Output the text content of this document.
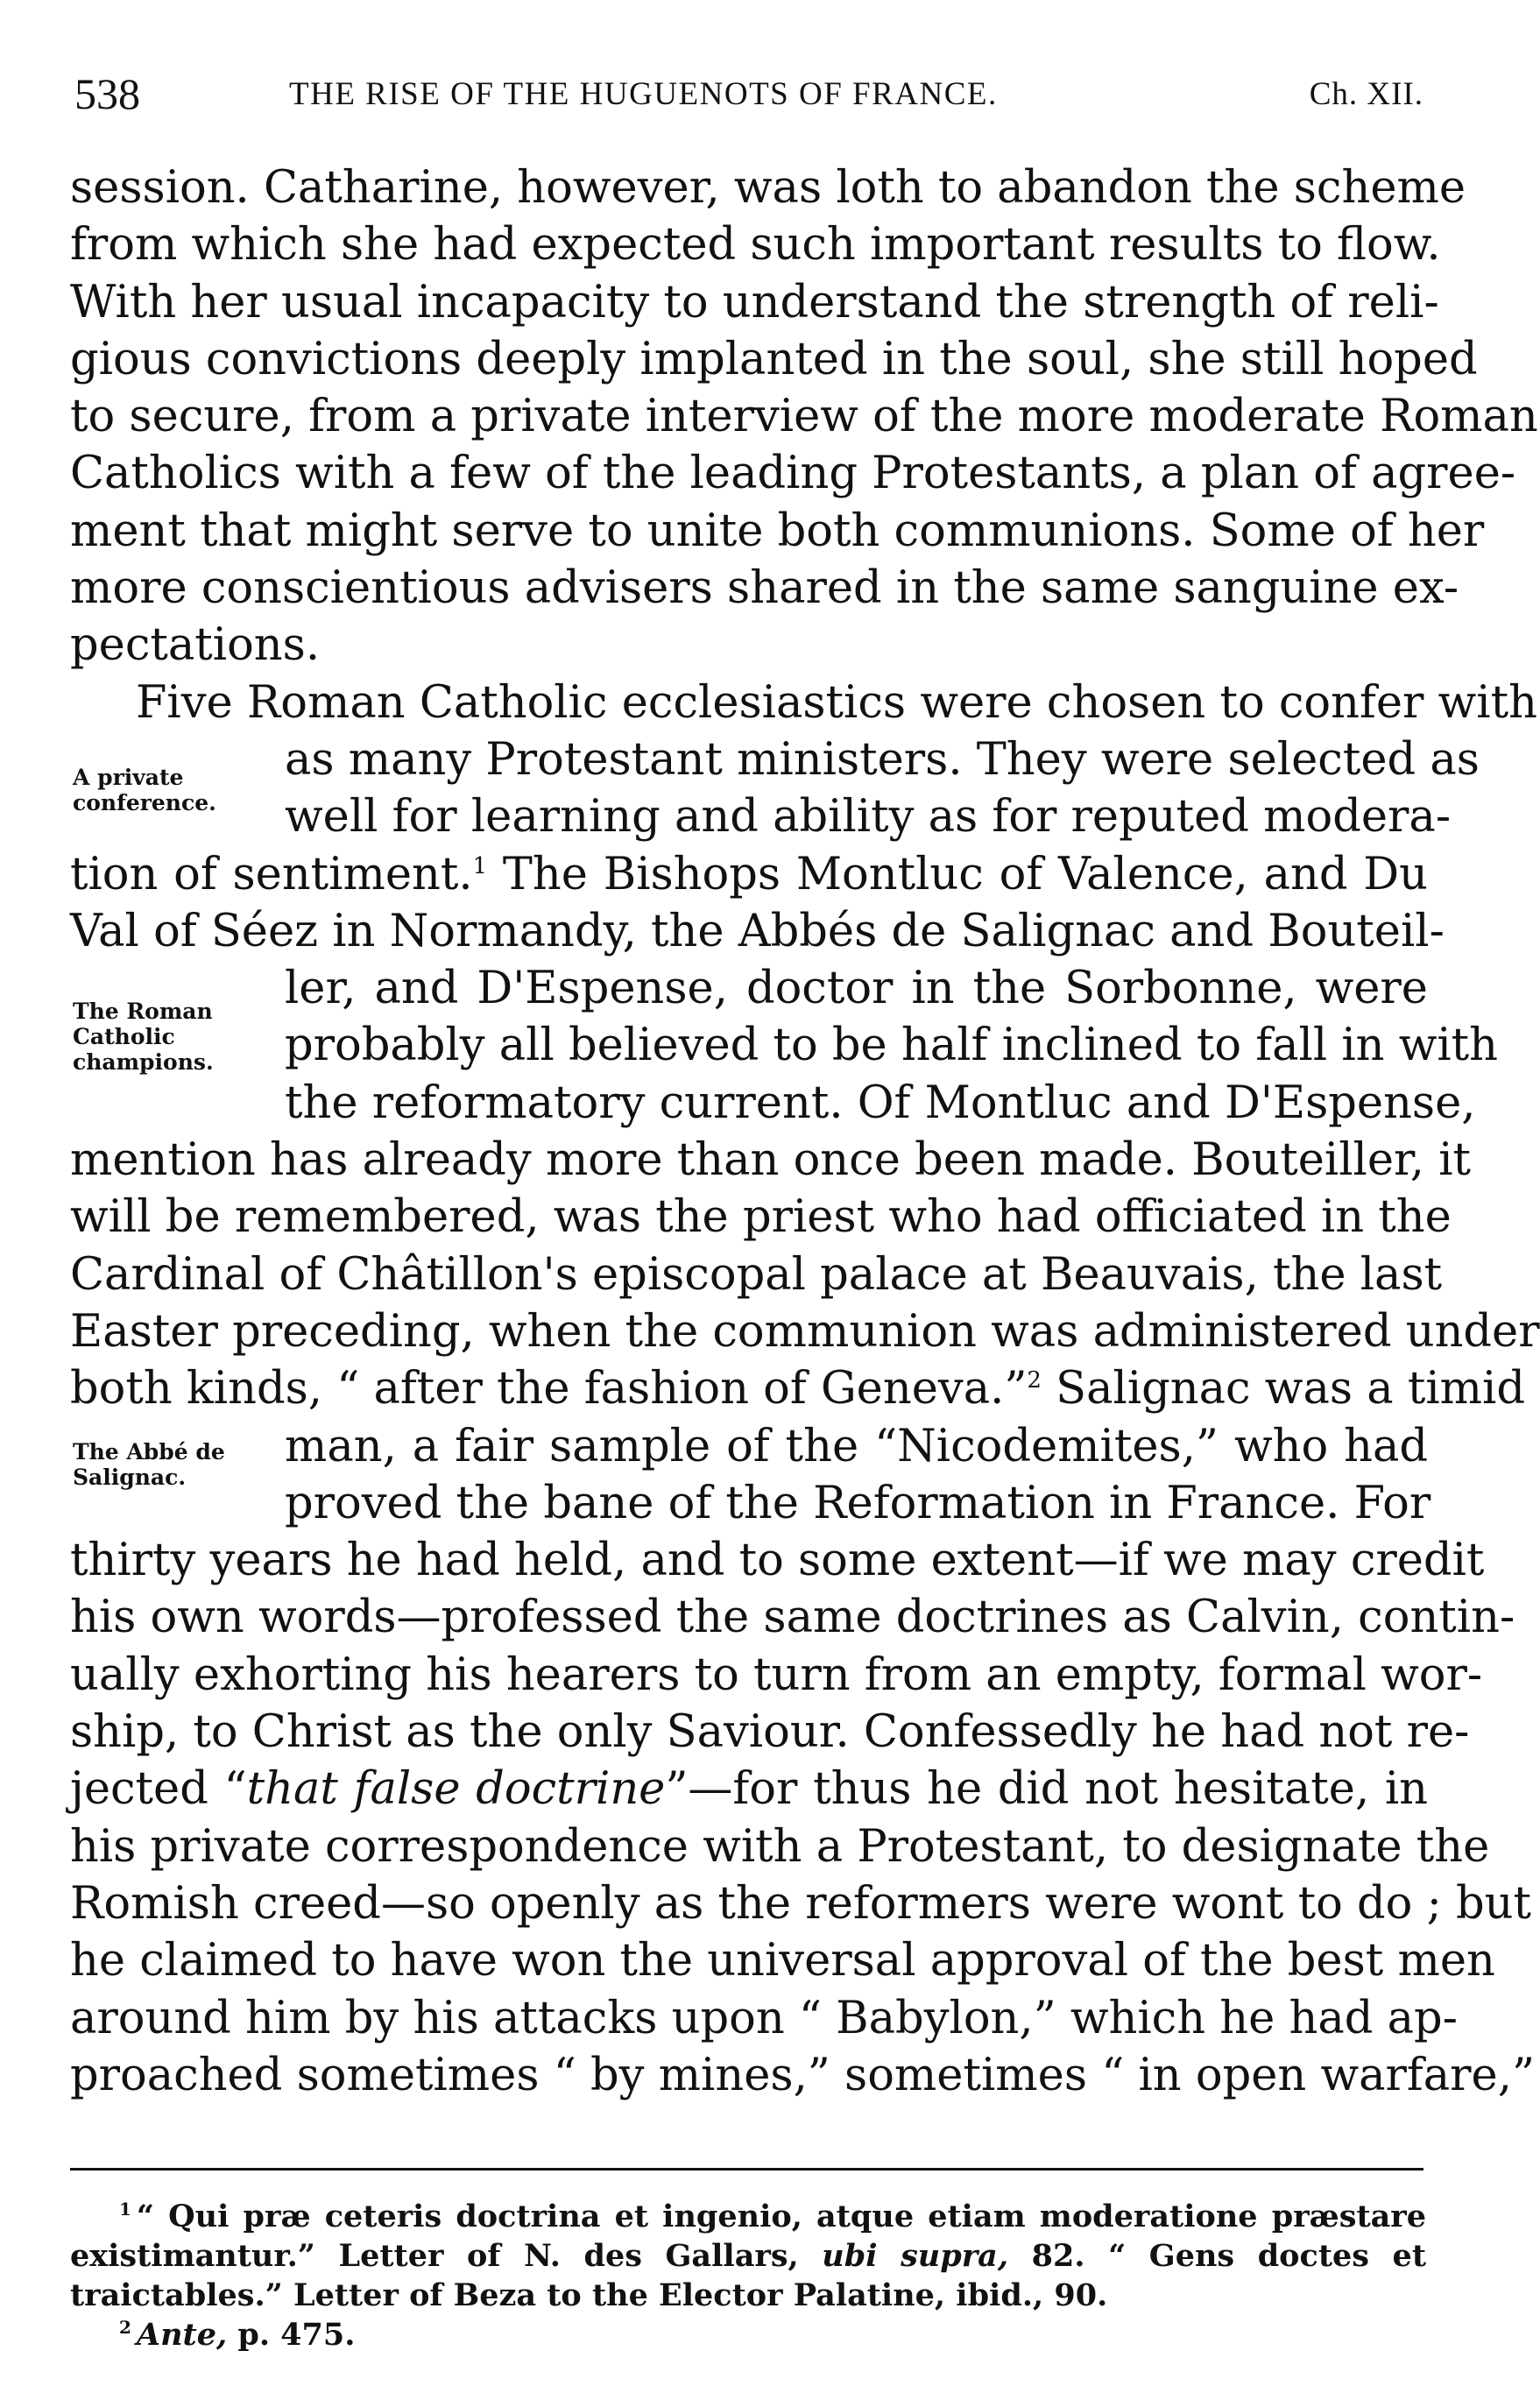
538	THE RISE OF THE HUGUENOTS OF FRANCE.	Ch. XII.
A private conference.
The Roman Catholic champions.
The Abbé de Salignac.
session. Catharine, however, was loth to abandon the scheme
from which she had expected such important results to flow.
With her usual incapacity to understand the strength of reli-
gious convictions deeply implanted in the soul, she still hoped
to secure, from a private interview of the more moderate Roman
Catholics with a few of the leading Protestants, a plan of agree-
ment that might serve to unite both communions. Some of her
more conscientious advisers shared in the same sanguine ex-
pectations.
Five Roman Catholic ecclesiastics were chosen to confer with
as many Protestant ministers. They were selected as
well for learning and ability as for reputed modera-
tion of sentiment.$^1$ The Bishops Montluc of Valence, and Du
Val of Séez in Normandy, the Abbés de Salignac and Bouteil-
ler, and D'Espense, doctor in the Sorbonne, were
probably all believed to be half inclined to fall in with
the reformatory current. Of Montluc and D'Espense,
mention has already more than once been made. Bouteiller, it
will be remembered, was the priest who had officiated in the
Cardinal of Châtillon's episcopal palace at Beauvais, the last
Easter preceding, when the communion was administered under
both kinds, “ after the fashion of Geneva.”$^2$ Salignac was a timid
man, a fair sample of the “Nicodemites,” who had
proved the bane of the Reformation in France. For
thirty years he had held, and to some extent—if we may credit
his own words—professed the same doctrines as Calvin, contin-
ually exhorting his hearers to turn from an empty, formal wor-
ship, to Christ as the only Saviour. Confessedly he had not re-
jected “that false doctrine”—for thus he did not hesitate, in
his private correspondence with a Protestant, to designate the
Romish creed—so openly as the reformers were wont to do ; but
he claimed to have won the universal approval of the best men
around him by his attacks upon “ Babylon,” which he had ap-
proached sometimes “ by mines,” sometimes “ in open warfare,”
$^1$ “ Qui præ ceteris doctrina et ingenio, atque etiam moderatione præstare
existimantur.” Letter of N. des Gallars, ubi supra, 82. “ Gens doctes et
traictables.” Letter of Beza to the Elector Palatine, ibid., 90.
$^2$ Ante, p. 475.
